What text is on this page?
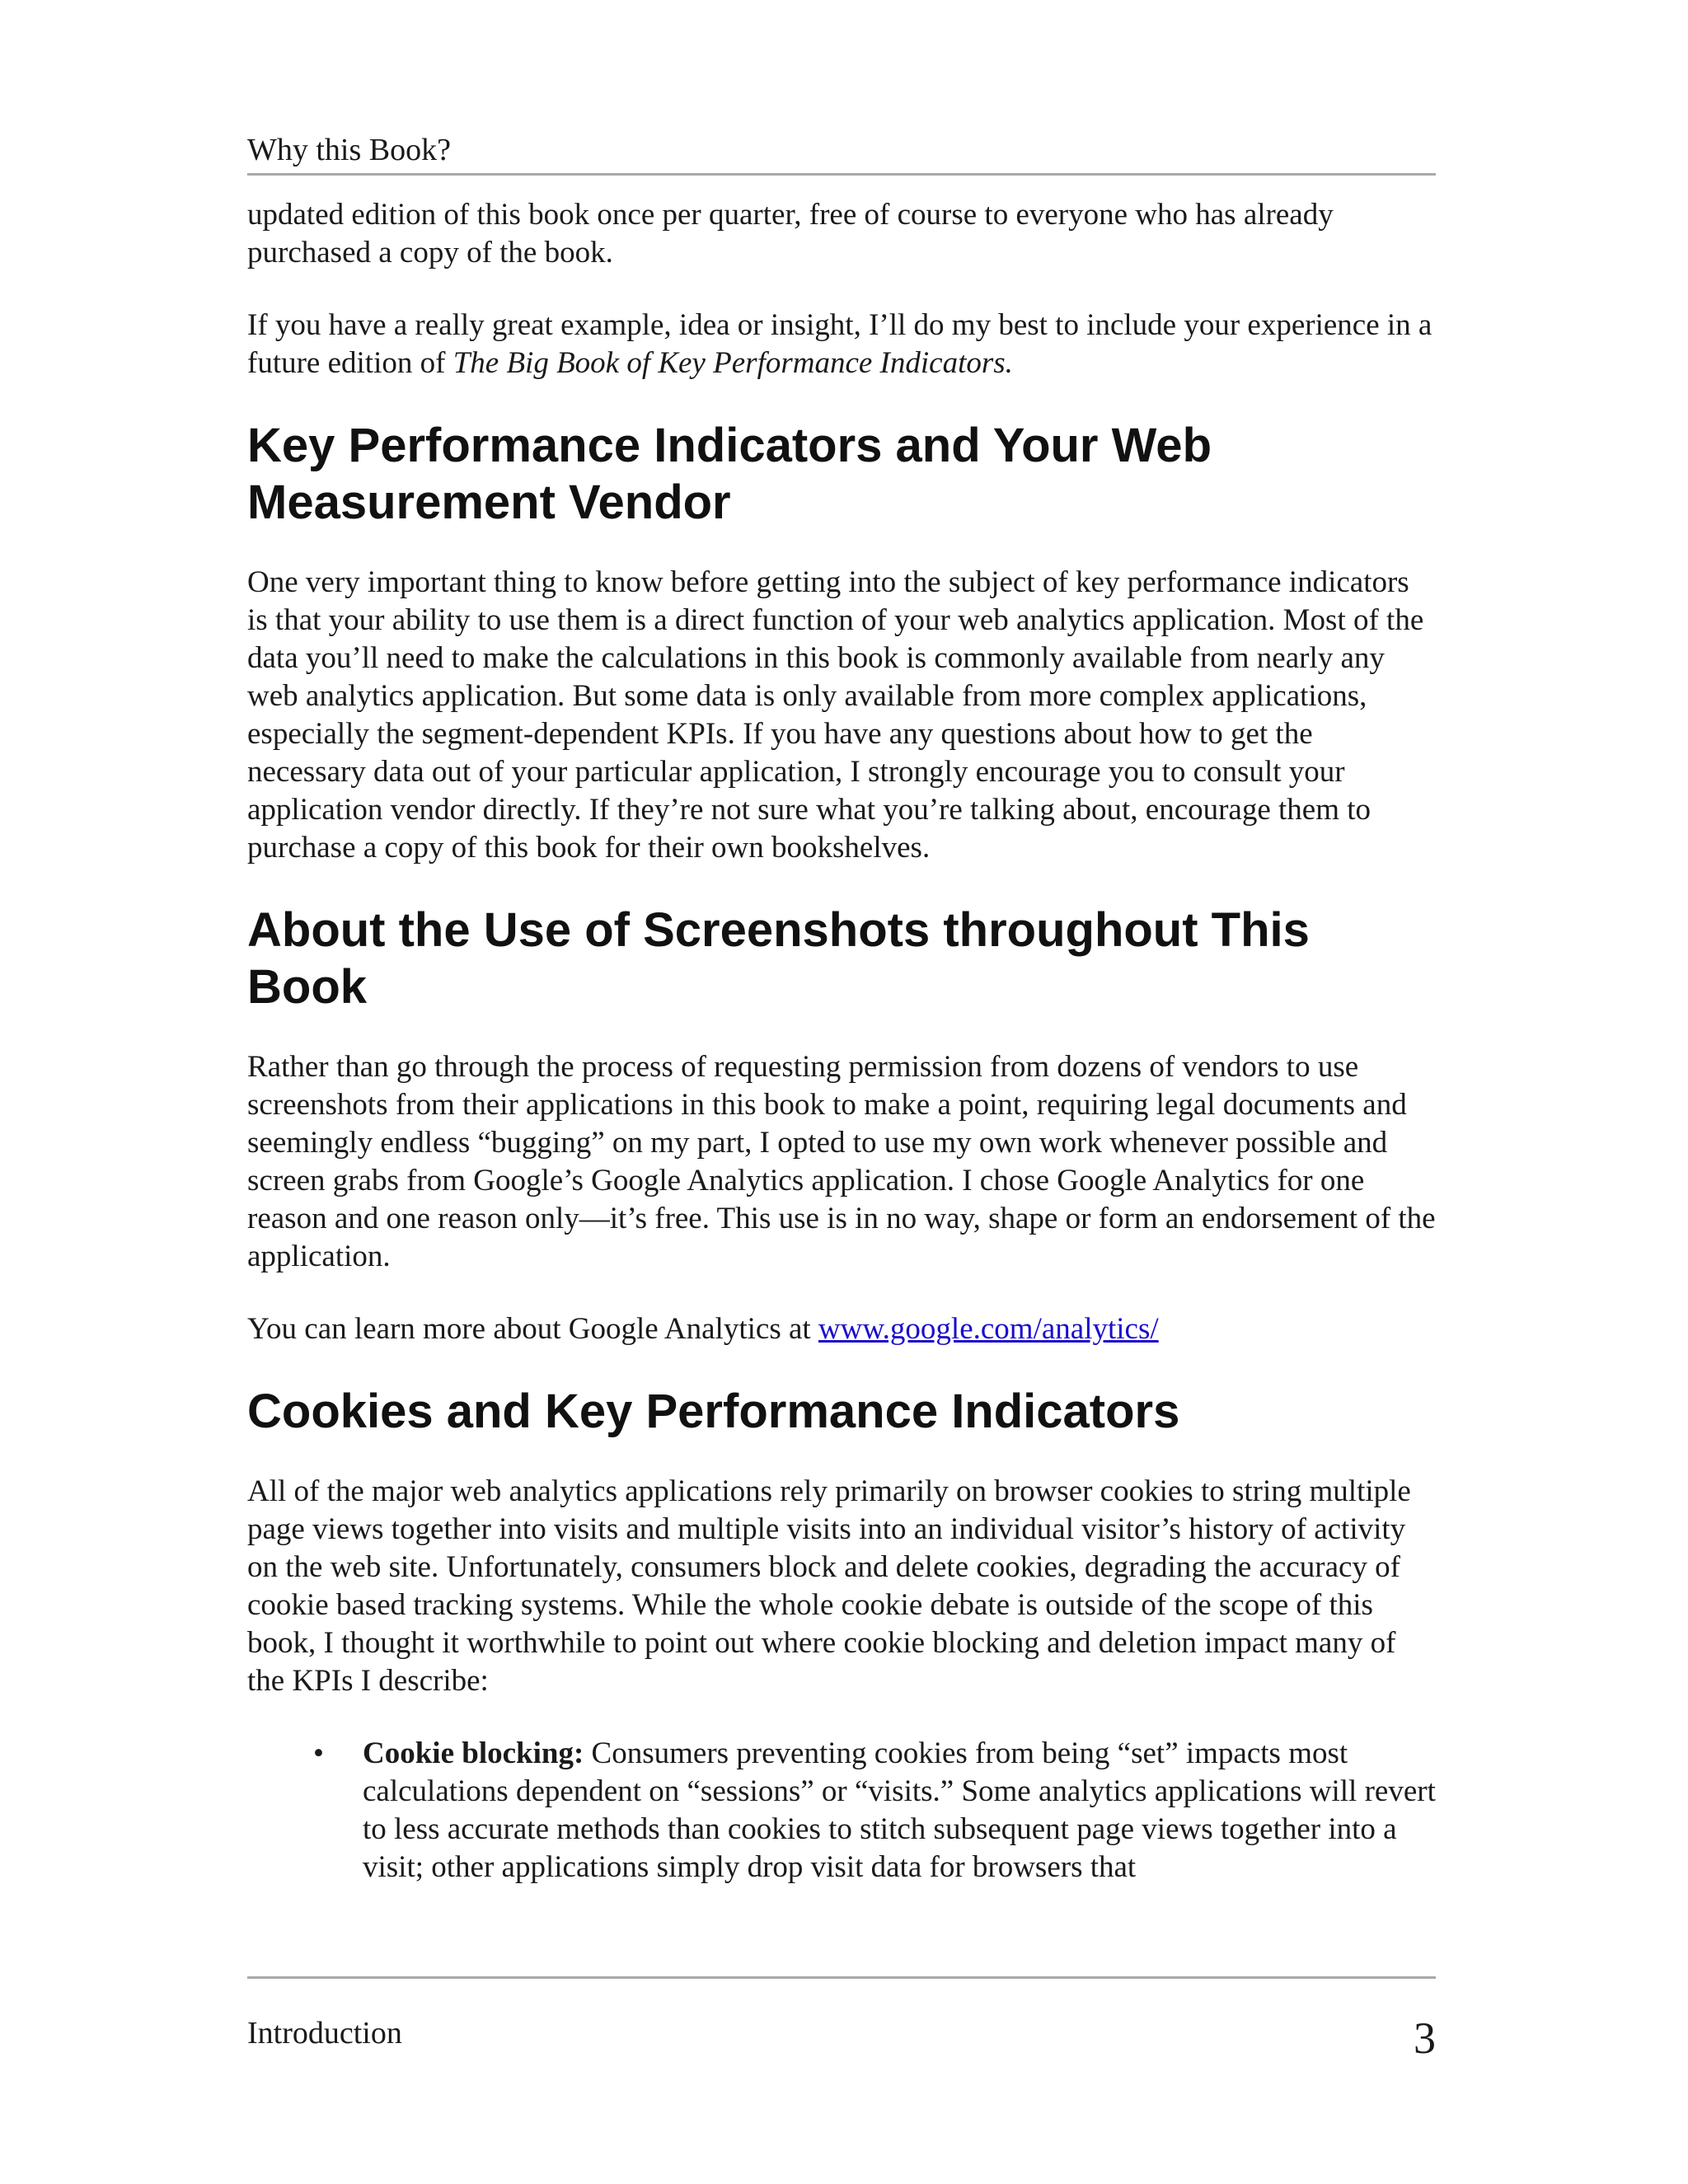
Why this Book?

updated edition of this book once per quarter, free of course to everyone who has already purchased a copy of the book.

If you have a really great example, idea or insight, I’ll do my best to include your experience in a future edition of The Big Book of Key Performance Indicators.

Key Performance Indicators and Your Web Measurement Vendor

One very important thing to know before getting into the subject of key performance indicators is that your ability to use them is a direct function of your web analytics application. Most of the data you’ll need to make the calculations in this book is commonly available from nearly any web analytics application. But some data is only available from more complex applications, especially the segment-dependent KPIs. If you have any questions about how to get the necessary data out of your particular application, I strongly encourage you to consult your application vendor directly. If they’re not sure what you’re talking about, encourage them to purchase a copy of this book for their own bookshelves.

About the Use of Screenshots throughout This Book

Rather than go through the process of requesting permission from dozens of vendors to use screenshots from their applications in this book to make a point, requiring legal documents and seemingly endless “bugging” on my part, I opted to use my own work whenever possible and screen grabs from Google’s Google Analytics application. I chose Google Analytics for one reason and one reason only—it’s free. This use is in no way, shape or form an endorsement of the application.

You can learn more about Google Analytics at www.google.com/analytics/

Cookies and Key Performance Indicators

All of the major web analytics applications rely primarily on browser cookies to string multiple page views together into visits and multiple visits into an individual visitor’s history of activity on the web site. Unfortunately, consumers block and delete cookies, degrading the accuracy of cookie based tracking systems. While the whole cookie debate is outside of the scope of this book, I thought it worthwhile to point out where cookie blocking and deletion impact many of the KPIs I describe:

• Cookie blocking: Consumers preventing cookies from being “set” impacts most calculations dependent on “sessions” or “visits.” Some analytics applications will revert to less accurate methods than cookies to stitch subsequent page views together into a visit; other applications simply drop visit data for browsers that
Introduction	3
